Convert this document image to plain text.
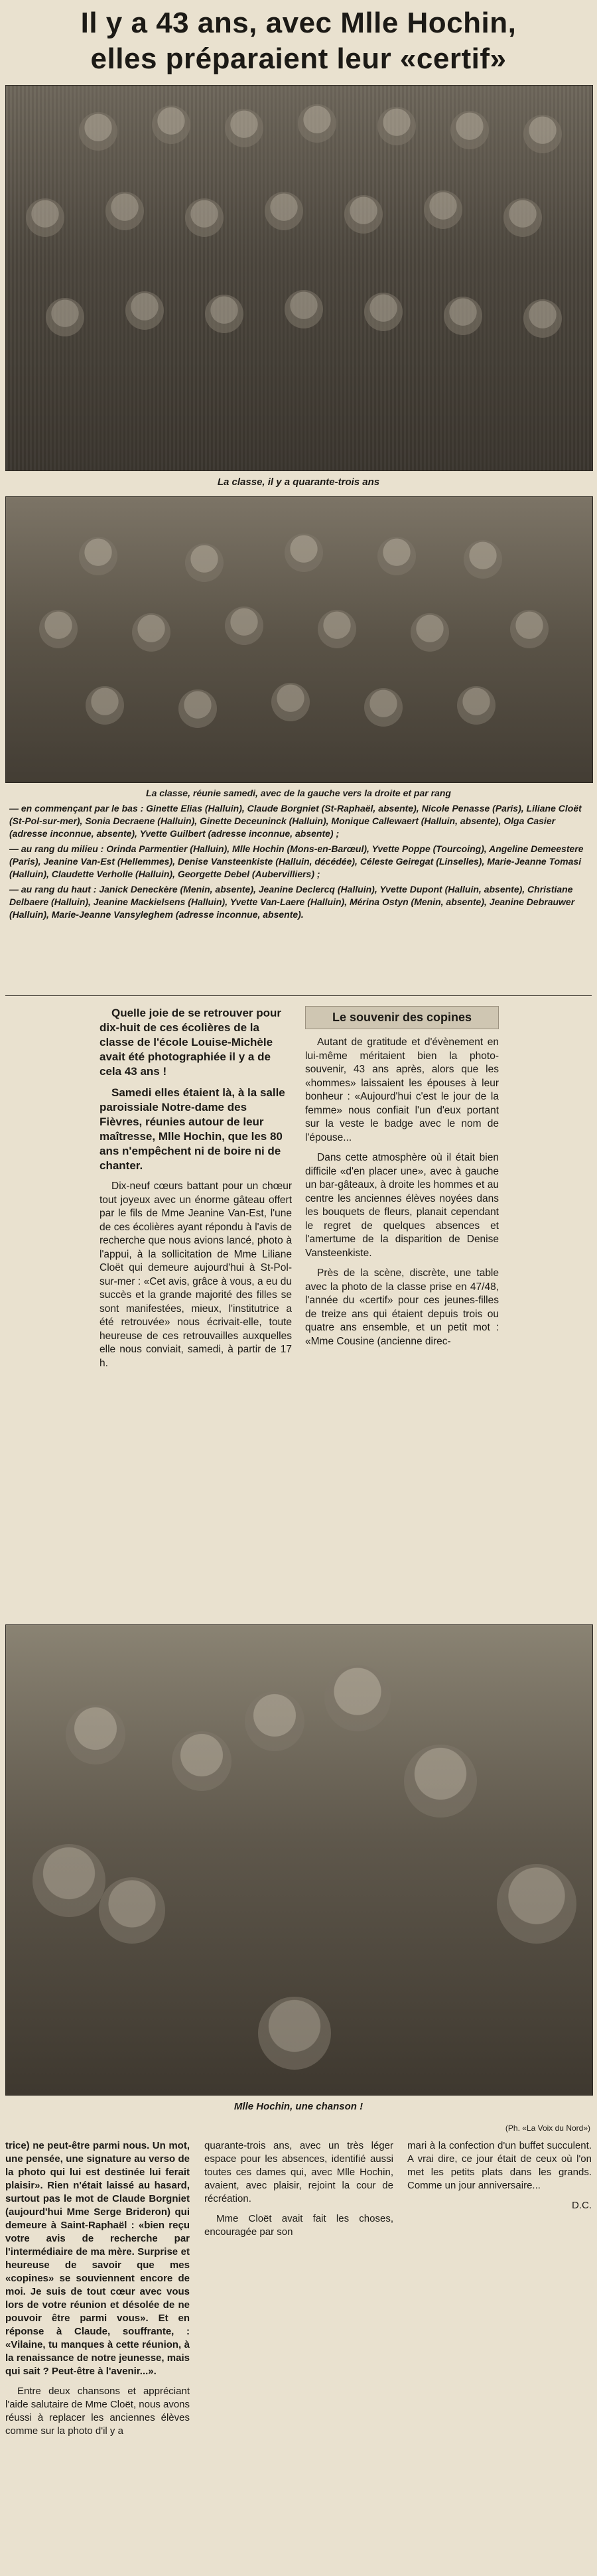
Il y a 43 ans, avec Mlle Hochin,
elles préparaient leur «certif»
La classe, il y a quarante-trois ans

La classe, réunie samedi, avec de la gauche vers la droite et par rang

— en commençant par le bas : Ginette Elias (Halluin), Claude Borgniet (St-Raphaël, absente), Nicole Penasse (Paris), Liliane Cloët (St-Pol-sur-mer), Sonia Decraene (Halluin), Ginette Deceuninck (Halluin), Monique Callewaert (Halluin, absente), Olga Casier (adresse inconnue, absente), Yvette Guilbert (adresse inconnue, absente) ;

— au rang du milieu : Orinda Parmentier (Halluin), Mlle Hochin (Mons-en-Barœul), Yvette Poppe (Tourcoing), Angeline Demeestere (Paris), Jeanine Van-Est (Hellemmes), Denise Vansteenkiste (Halluin, décédée), Céleste Geiregat (Linselles), Marie-Jeanne Tomasi (Halluin), Claudette Verholle (Halluin), Georgette Debel (Aubervilliers) ;

— au rang du haut : Janick Deneckère (Menin, absente), Jeanine Declercq (Halluin), Yvette Dupont (Halluin, absente), Christiane Delbaere (Halluin), Jeanine Mackielsens (Halluin), Yvette Van-Laere (Halluin), Mérina Ostyn (Menin, absente), Jeanine Debrauwer (Halluin), Marie-Jeanne Vansyleghem (adresse inconnue, absente).

Quelle joie de se retrouver pour dix-huit de ces écolières de la classe de l'école Louise-Michèle avait été photographiée il y a de cela 43 ans !

Samedi elles étaient là, à la salle paroissiale Notre-dame des Fièvres, réunies autour de leur maîtresse, Mlle Hochin, que les 80 ans n'empêchent ni de boire ni de chanter.

Dix-neuf cœurs battant pour un chœur tout joyeux avec un énorme gâteau offert par le fils de Mme Jeanine Van-Est, l'une de ces écolières ayant répondu à l'avis de recherche que nous avions lancé, photo à l'appui, à la sollicitation de Mme Liliane Cloët qui demeure aujourd'hui à St-Pol-sur-mer : «Cet avis, grâce à vous, a eu du succès et la grande majorité des filles se sont manifestées, mieux, l'institutrice a été retrouvée» nous écrivait-elle, toute heureuse de ces retrouvailles auxquelles elle nous conviait, samedi, à partir de 17 h.

Le souvenir des copines

Autant de gratitude et d'évènement en lui-même méritaient bien la photo-souvenir, 43 ans après, alors que les «hommes» laissaient les épouses à leur bonheur : «Aujourd'hui c'est le jour de la femme» nous confiait l'un d'eux portant sur la veste le badge avec le nom de l'épouse...

Dans cette atmosphère où il était bien difficile «d'en placer une», avec à gauche un bar-gâteaux, à droite les hommes et au centre les anciennes élèves noyées dans les bouquets de fleurs, planait cependant le regret de quelques absences et l'amertume de la disparition de Denise Vansteenkiste.

Près de la scène, discrète, une table avec la photo de la classe prise en 47/48, l'année du «certif» pour ces jeunes-filles de treize ans qui étaient depuis trois ou quatre ans ensemble, et un petit mot : «Mme Cousine (ancienne direc-

Mlle Hochin, une chanson !
(Ph. «La Voix du Nord»)

trice) ne peut-être parmi nous. Un mot, une pensée, une signature au verso de la photo qui lui est destinée lui ferait plaisir». Rien n'était laissé au hasard, surtout pas le mot de Claude Borgniet (aujourd'hui Mme Serge Brideron) qui demeure à Saint-Raphaël : «bien reçu votre avis de recherche par l'intermédiaire de ma mère. Surprise et heureuse de savoir que mes «copines» se souviennent encore de moi. Je suis de tout cœur avec vous lors de votre réunion et désolée de ne pouvoir être parmi vous». Et en réponse à Claude, souffrante, : «Vilaine, tu manques à cette réunion, à la renaissance de notre jeunesse, mais qui sait ? Peut-être à l'avenir...».

Entre deux chansons et appréciant l'aide salutaire de Mme Cloët, nous avons réussi à replacer les anciennes élèves comme sur la photo d'il y a

quarante-trois ans, avec un très léger espace pour les absences, identifié aussi toutes ces dames qui, avec Mlle Hochin, avaient, avec plaisir, rejoint la cour de récréation.

Mme Cloët avait fait les choses, encouragée par son

mari à la confection d'un buffet succulent. A vrai dire, ce jour était de ceux où l'on met les petits plats dans les grands. Comme un jour anniversaire...

D.C.
